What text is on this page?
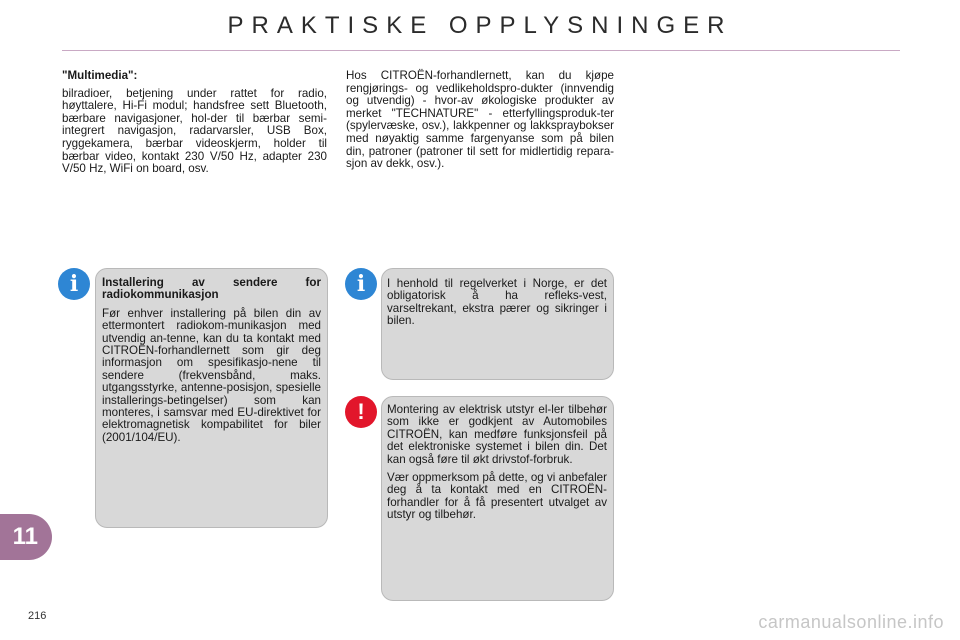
PRAKTISKE OPPLYSNINGER
"Multimedia":

bilradioer, betjening under rattet for radio, høyttalere, Hi-Fi modul; handsfree sett Bluetooth, bærbare navigasjoner, hol-der til bærbar semi-integrert navigasjon, radarvarsler, USB Box, ryggekamera, bærbar videoskjerm, holder til bærbar video, kontakt 230 V/50 Hz, adapter 230 V/50 Hz, WiFi on board, osv.

Hos CITROËN-forhandlernett, kan du kjøpe rengjørings- og vedlikeholdspro-dukter (innvendig og utvendig) - hvor-av økologiske produkter av merket "TECHNATURE" - etterfyllingsproduk-ter (spylervæske, osv.), lakkpenner og lakkspraybokser med nøyaktig samme fargenyanse som på bilen din, patroner (patroner til sett for midlertidig repara-sjon av dekk, osv.).

i	Installering av sendere for radiokommunikasjon

Før enhver installering på bilen din av ettermontert radiokom-munikasjon med utvendig an-tenne, kan du ta kontakt med CITROËN-forhandlernett som gir deg informasjon om spesifikasjo-nene til sendere (frekvensbånd, maks. utgangsstyrke, antenne-posisjon, spesielle installerings-betingelser) som kan monteres, i samsvar med EU-direktivet for elektromagnetisk kompabilitet for biler (2001/104/EU).

i	I henhold til regelverket i Norge, er det obligatorisk å ha refleks-vest, varseltrekant, ekstra pærer og sikringer i bilen.

!	Montering av elektrisk utstyr el-ler tilbehør som ikke er godkjent av Automobiles CITROËN, kan medføre funksjonsfeil på det elektroniske systemet i bilen din. Det kan også føre til økt drivstof-forbruk.

Vær oppmerksom på dette, og vi anbefaler deg å ta kontakt med en CITROËN-forhandler for å få presentert utvalget av utstyr og tilbehør.

11
216	carmanualsonline.info
